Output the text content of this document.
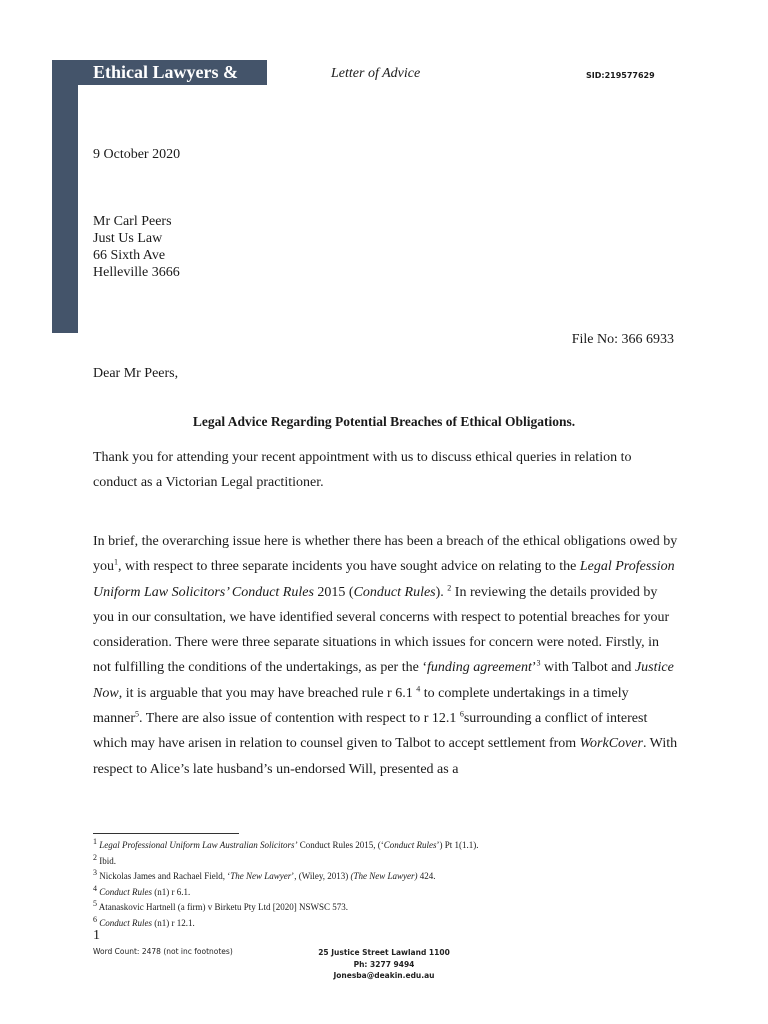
Ethical Lawyers &	Letter of Advice	SID:219577629
9 October 2020
Mr Carl Peers
Just Us Law
66 Sixth Ave
Helleville 3666
File No: 366 6933
Dear Mr Peers,
Legal Advice Regarding Potential Breaches of Ethical Obligations.
Thank you for attending your recent appointment with us to discuss ethical queries in relation to conduct as a Victorian Legal practitioner.
In brief, the overarching issue here is whether there has been a breach of the ethical obligations owed by you$^1$, with respect to three separate incidents you have sought advice on relating to the Legal Profession Uniform Law Solicitors’ Conduct Rules 2015 (Conduct Rules). $^2$ In reviewing the details provided by you in our consultation, we have identified several concerns with respect to potential breaches for your consideration. There were three separate situations in which issues for concern were noted. Firstly, in not fulfilling the conditions of the undertakings, as per the ‘funding agreement’$^3$ with Talbot and Justice Now, it is arguable that you may have breached rule r 6.1 $^4$ to complete undertakings in a timely manner$^5$. There are also issue of contention with respect to r 12.1 $^6$surrounding a conflict of interest which may have arisen in relation to counsel given to Talbot to accept settlement from WorkCover. With respect to Alice’s late husband’s un-endorsed Will, presented as a
$^1$ Legal Professional Uniform Law Australian Solicitors’ Conduct Rules 2015, (‘Conduct Rules’) Pt 1(1.1).
$^2$ Ibid.
$^3$ Nickolas James and Rachael Field, ‘The New Lawyer’, (Wiley, 2013) (The New Lawyer) 424.
$^4$ Conduct Rules (n1) r 6.1.
$^5$ Atanaskovic Hartnell (a firm) v Birketu Pty Ltd [2020] NSWSC 573.
$^6$ Conduct Rules (n1) r 12.1.
1
Word Count: 2478 (not inc footnotes)	25 Justice Street Lawland 1100
Ph: 3277 9494
Jonesba@deakin.edu.au
